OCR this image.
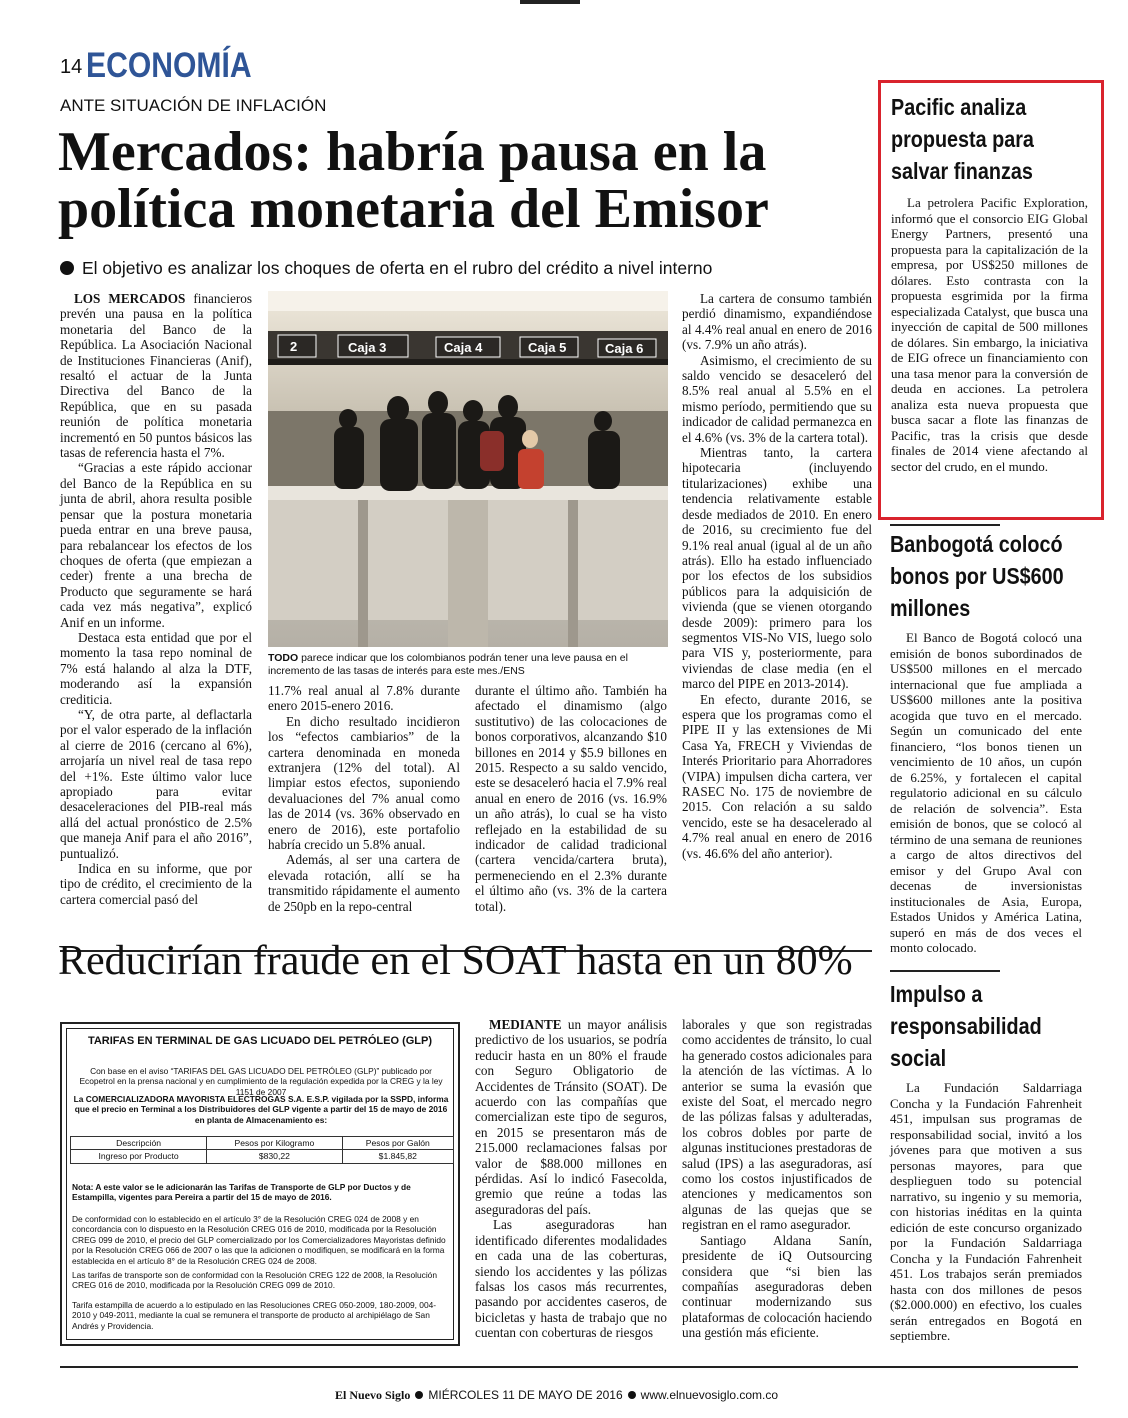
14 ECONOMÍA
ANTE SITUACIÓN DE INFLACIÓN
Mercados: habría pausa en la política monetaria del Emisor
El objetivo es analizar los choques de oferta en el rubro del crédito a nivel interno

LOS MERCADOS financieros prevén una pausa en la política monetaria del Banco de la República. La Asociación Nacional de Instituciones Financieras (Anif), resaltó el actuar de la Junta Directiva del Banco de la República, que en su pasada reunión de política monetaria incrementó en 50 puntos básicos las tasas de referencia hasta el 7%.

“Gracias a este rápido accionar del Banco de la República en su junta de abril, ahora resulta posible pensar que la postura monetaria pueda entrar en una breve pausa, para rebalancear los efectos de los choques de oferta (que empiezan a ceder) frente a una brecha de Producto que seguramente se hará cada vez más negativa”, explicó Anif en un informe.

Destaca esta entidad que por el momento la tasa repo nominal de 7% está halando al alza la DTF, moderando así la expansión crediticia.

“Y, de otra parte, al deflactarla por el valor esperado de la inflación al cierre de 2016 (cercano al 6%), arrojaría un nivel real de tasa repo del +1%. Este último valor luce apropiado para evitar desaceleraciones del PIB-real más allá del actual pronóstico de 2.5% que maneja Anif para el año 2016”, puntualizó.

Indica en su informe, que por tipo de crédito, el crecimiento de la cartera comercial pasó del

2	Caja 3	Caja 4	Caja 5	Caja 6
TODO parece indicar que los colombianos podrán tener una leve pausa en el incremento de las tasas de interés para este mes./ENS

11.7% real anual al 7.8% durante enero 2015-enero 2016.

En dicho resultado incidieron los “efectos cambiarios” de la cartera denominada en moneda extranjera (12% del total). Al limpiar estos efectos, suponiendo devaluaciones del 7% anual como las de 2014 (vs. 36% observado en enero de 2016), este portafolio habría crecido un 5.8% anual.

Además, al ser una cartera de elevada rotación, allí se ha transmitido rápidamente el aumento de 250pb en la repo-central

durante el último año. También ha afectado el dinamismo (algo sustitutivo) de las colocaciones de bonos corporativos, alcanzando $10 billones en 2014 y $5.9 billones en 2015. Respecto a su saldo vencido, este se desaceleró hacia el 7.9% real anual en enero de 2016 (vs. 16.9% un año atrás), lo cual se ha visto reflejado en la estabilidad de su indicador de calidad tradicional (cartera vencida/cartera bruta), permeneciendo en el 2.3% durante el último año (vs. 3% de la cartera total).

La cartera de consumo también perdió dinamismo, expandiéndose al 4.4% real anual en enero de 2016 (vs. 7.9% un año atrás).

Asimismo, el crecimiento de su saldo vencido se desaceleró del 8.5% real anual al 5.5% en el mismo período, permitiendo que su indicador de calidad permanezca en el 4.6% (vs. 3% de la cartera total).

Mientras tanto, la cartera hipotecaria (incluyendo titularizaciones) exhibe una tendencia relativamente estable desde mediados de 2010. En enero de 2016, su crecimiento fue del 9.1% real anual (igual al de un año atrás). Ello ha estado influenciado por los efectos de los subsidios públicos para la adquisición de vivienda (que se vienen otorgando desde 2009): primero para los segmentos VIS-No VIS, luego solo para VIS y, posteriormente, para viviendas de clase media (en el marco del PIPE en 2013-2014).

En efecto, durante 2016, se espera que los programas como el PIPE II y las extensiones de Mi Casa Ya, FRECH y Viviendas de Interés Prioritario para Ahorradores (VIPA) impulsen dicha cartera, ver RASEC No. 175 de noviembre de 2015. Con relación a su saldo vencido, este se ha desacelerado al 4.7% real anual en enero de 2016 (vs. 46.6% del año anterior).

Pacific analiza propuesta para salvar finanzas

La petrolera Pacific Exploration, informó que el consorcio EIG Global Energy Partners, presentó una propuesta para la capitalización de la empresa, por US$250 millones de dólares. Esto contrasta con la propuesta esgrimida por la firma especializada Catalyst, que busca una inyección de capital de 500 millones de dólares. Sin embargo, la iniciativa de EIG ofrece un financiamiento con una tasa menor para la conversión de deuda en acciones. La petrolera analiza esta nueva propuesta que busca sacar a flote las finanzas de Pacific, tras la crisis que desde finales de 2014 viene afectando al sector del crudo, en el mundo.

Banbogotá colocó bonos por US$600 millones

El Banco de Bogotá colocó una emisión de bonos subordinados de US$500 millones en el mercado internacional que fue ampliada a US$600 millones ante la positiva acogida que tuvo en el mercado. Según un comunicado del ente financiero, “los bonos tienen un vencimiento de 10 años, un cupón de 6.25%, y fortalecen el capital regulatorio adicional en su cálculo de relación de solvencia”. Esta emisión de bonos, que se colocó al término de una semana de reuniones a cargo de altos directivos del emisor y del Grupo Aval con decenas de inversionistas institucionales de Asia, Europa, Estados Unidos y América Latina, superó en más de dos veces el monto colocado.

Impulso a responsabilidad social

La Fundación Saldarriaga Concha y la Fundación Fahrenheit 451, impulsan sus programas de responsabilidad social, invitó a los jóvenes para que motiven a sus personas mayores, para que desplieguen todo su potencial narrativo, su ingenio y su memoria, con historias inéditas en la quinta edición de este concurso organizado por la Fundación Saldarriaga Concha y la Fundación Fahrenheit 451. Los trabajos serán premiados hasta con dos millones de pesos ($2.000.000) en efectivo, los cuales serán entregados en Bogotá en septiembre.

Reducirían fraude en el SOAT hasta en un 80%

MEDIANTE un mayor análisis predictivo de los usuarios, se podría reducir hasta en un 80% el fraude con Seguro Obligatorio de Accidentes de Tránsito (SOAT). De acuerdo con las compañías que comercializan este tipo de seguros, en 2015 se presentaron más de 215.000 reclamaciones falsas por valor de $88.000 millones en pérdidas. Así lo indicó Fasecolda, gremio que reúne a todas las aseguradoras del país.

Las aseguradoras han identificado diferentes modalidades en cada una de las coberturas, siendo los accidentes y las pólizas falsas los casos más recurrentes, pasando por accidentes caseros, de bicicletas y hasta de trabajo que no cuentan con coberturas de riesgos

laborales y que son registradas como accidentes de tránsito, lo cual ha generado costos adicionales para la atención de las víctimas. A lo anterior se suma la evasión que existe del Soat, el mercado negro de las pólizas falsas y adulteradas, los cobros dobles por parte de algunas instituciones prestadoras de salud (IPS) a las aseguradoras, así como los costos injustificados de atenciones y medicamentos son algunas de las quejas que se registran en el ramo asegurador.

Santiago Aldana Sanín, presidente de iQ Outsourcing considera que “si bien las compañías aseguradoras deben continuar modernizando sus plataformas de colocación haciendo una gestión más eficiente.

TARIFAS EN TERMINAL DE GAS LICUADO DEL PETRÓLEO (GLP)
Con base en el aviso “TARIFAS DEL GAS LICUADO DEL PETRÓLEO (GLP)” publicado por Ecopetrol en la prensa nacional y en cumplimiento de la regulación expedida por la CREG y la ley 1151 de 2007
La COMERCIALIZADORA MAYORISTA ELECTROGAS S.A. E.S.P. vigilada por la SSPD, informa que el precio en Terminal a los Distribuidores del GLP vigente a partir del 15 de mayo de 2016 en planta de Almacenamiento es:
Descripción	Pesos por Kilogramo	Pesos por Galón
Ingreso por Producto	$830,22	$1.845,82
Nota: A este valor se le adicionarán las Tarifas de Transporte de GLP por Ductos y de Estampilla, vigentes para Pereira a partir del 15 de mayo de 2016.
De conformidad con lo establecido en el artículo 3° de la Resolución CREG 024 de 2008 y en concordancia con lo dispuesto en la Resolución CREG 016 de 2010, modificada por la Resolución CREG 099 de 2010, el precio del GLP comercializado por los Comercializadores Mayoristas definido por la Resolución CREG 066 de 2007 o las que la adicionen o modifiquen, se modificará en la forma establecida en el artículo 8° de la Resolución CREG 024 de 2008.
Las tarifas de transporte son de conformidad con la Resolución CREG 122 de 2008, la Resolución CREG 016 de 2010, modificada por la Resolución CREG 099 de 2010.
Tarifa estampilla de acuerdo a lo estipulado en las Resoluciones CREG 050-2009, 180-2009, 004-2010 y 049-2011, mediante la cual se remunera el transporte de producto al archipiélago de San Andrés y Providencia.
El Nuevo Siglo MIÉRCOLES 11 DE MAYO DE 2016 www.elnuevosiglo.com.co
